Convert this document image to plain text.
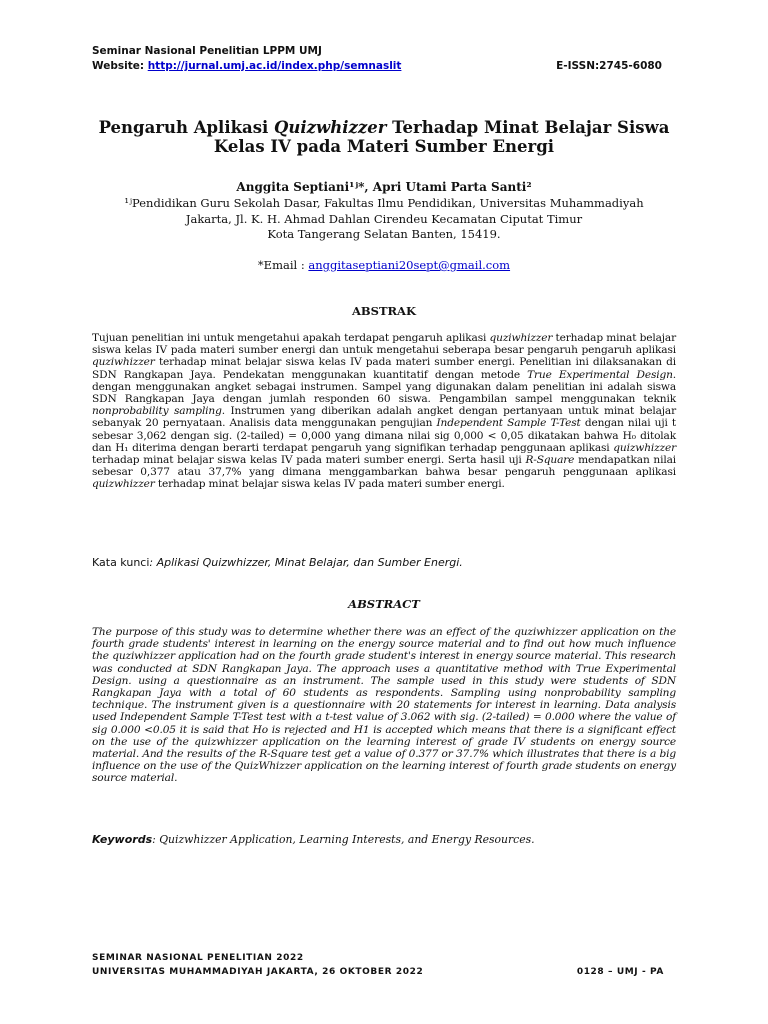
Seminar Nasional Penelitian LPPM UMJ
Website: http://jurnal.umj.ac.id/index.php/semnaslit	E-ISSN:2745-6080
Pengaruh Aplikasi Quizwhizzer Terhadap Minat Belajar Siswa
Kelas IV pada Materi Sumber Energi
Anggita Septiani¹ʲ*, Apri Utami Parta Santi²
¹ʲPendidikan Guru Sekolah Dasar, Fakultas Ilmu Pendidikan, Universitas Muhammadiyah
Jakarta, Jl. K. H. Ahmad Dahlan Cirendeu Kecamatan Ciputat Timur
Kota Tangerang Selatan Banten, 15419.
*Email : anggitaseptiani20sept@gmail.com
ABSTRAK
Tujuan penelitian ini untuk mengetahui apakah terdapat pengaruh aplikasi quziwhizzer terhadap minat belajar siswa kelas IV pada materi sumber energi dan untuk mengetahui seberapa besar pengaruh pengaruh aplikasi quziwhizzer terhadap minat belajar siswa kelas IV pada materi sumber energi. Penelitian ini dilaksanakan di SDN Rangkapan Jaya. Pendekatan menggunakan kuantitatif dengan metode True Experimental Design. dengan menggunakan angket sebagai instrumen. Sampel yang digunakan dalam penelitian ini adalah siswa SDN Rangkapan Jaya dengan jumlah responden 60 siswa. Pengambilan sampel menggunakan teknik nonprobability sampling. Instrumen yang diberikan adalah angket dengan pertanyaan untuk minat belajar sebanyak 20 pernyataan. Analisis data menggunakan pengujian Independent Sample T-Test dengan nilai uji t sebesar 3,062 dengan sig. (2-tailed) = 0,000 yang dimana nilai sig 0,000 < 0,05 dikatakan bahwa H₀ ditolak dan H₁ diterima dengan berarti terdapat pengaruh yang signifikan terhadap penggunaan aplikasi quizwhizzer terhadap minat belajar siswa kelas IV pada materi sumber energi. Serta hasil uji R-Square mendapatkan nilai sebesar 0,377 atau 37,7% yang dimana menggambarkan bahwa besar pengaruh penggunaan aplikasi quizwhizzer terhadap minat belajar siswa kelas IV pada materi sumber energi.
Kata kunci: Aplikasi Quizwhizzer, Minat Belajar, dan Sumber Energi.
ABSTRACT
The purpose of this study was to determine whether there was an effect of the quziwhizzer application on the fourth grade students' interest in learning on the energy source material and to find out how much influence the quziwhizzer application had on the fourth grade student's interest in energy source material. This research was conducted at SDN Rangkapan Jaya. The approach uses a quantitative method with True Experimental Design. using a questionnaire as an instrument. The sample used in this study were students of SDN Rangkapan Jaya with a total of 60 students as respondents. Sampling using nonprobability sampling technique. The instrument given is a questionnaire with 20 statements for interest in learning. Data analysis used Independent Sample T-Test test with a t-test value of 3.062 with sig. (2-tailed) = 0.000 where the value of sig 0.000 <0.05 it is said that Ho is rejected and H1 is accepted which means that there is a significant effect on the use of the quizwhizzer application on the learning interest of grade IV students on energy source material. And the results of the R-Square test get a value of 0.377 or 37.7% which illustrates that there is a big influence on the use of the QuizWhizzer application on the learning interest of fourth grade students on energy source material.
Keywords: Quizwhizzer Application, Learning Interests, and Energy Resources.
SEMINAR NASIONAL PENELITIAN 2022
UNIVERSITAS MUHAMMADIYAH JAKARTA, 26 OKTOBER 2022	0128 – UMJ - PA
